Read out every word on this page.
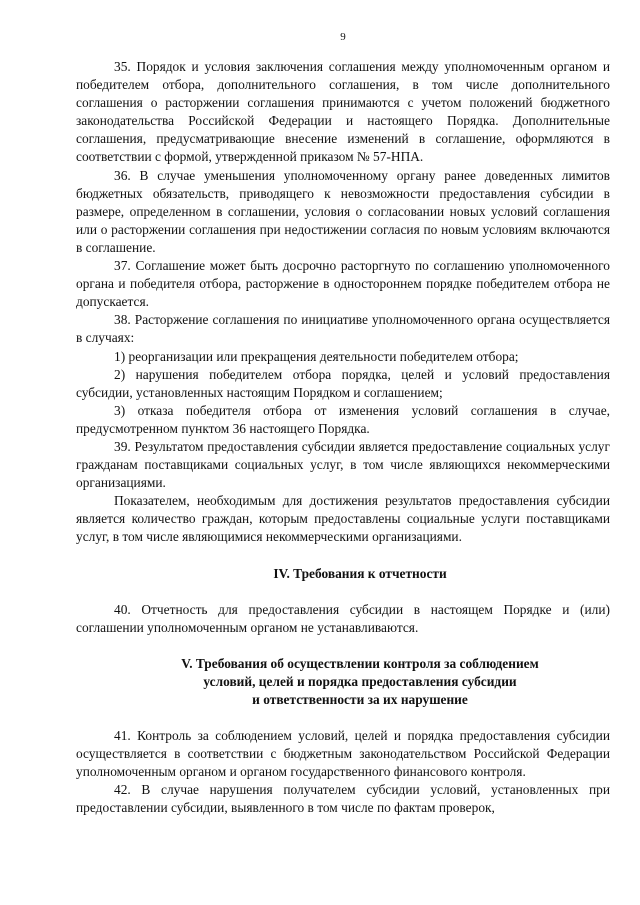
9

35. Порядок и условия заключения соглашения между уполномоченным органом и победителем отбора, дополнительного соглашения, в том числе дополнительного соглашения о расторжении соглашения принимаются с учетом положений бюджетного законодательства Российской Федерации и настоящего Порядка. Дополнительные соглашения, предусматривающие внесение изменений в соглашение, оформляются в соответствии с формой, утвержденной приказом № 57-НПА.

36. В случае уменьшения уполномоченному органу ранее доведенных лимитов бюджетных обязательств, приводящего к невозможности предоставления субсидии в размере, определенном в соглашении, условия о согласовании новых условий соглашения или о расторжении соглашения при недостижении согласия по новым условиям включаются в соглашение.

37. Соглашение может быть досрочно расторгнуто по соглашению уполномоченного органа и победителя отбора, расторжение в одностороннем порядке победителем отбора не допускается.

38. Расторжение соглашения по инициативе уполномоченного органа осуществляется в случаях:

1) реорганизации или прекращения деятельности победителем отбора;

2) нарушения победителем отбора порядка, целей и условий предоставления субсидии, установленных настоящим Порядком и соглашением;

3) отказа победителя отбора от изменения условий соглашения в случае, предусмотренном пунктом 36 настоящего Порядка.

39. Результатом предоставления субсидии является предоставление социальных услуг гражданам поставщиками социальных услуг, в том числе являющихся некоммерческими организациями.

Показателем, необходимым для достижения результатов предоставления субсидии является количество граждан, которым предоставлены социальные услуги поставщиками услуг, в том числе являющимися некоммерческими организациями.

IV. Требования к отчетности

40. Отчетность для предоставления субсидии в настоящем Порядке и (или) соглашении уполномоченным органом не устанавливаются.

V. Требования об осуществлении контроля за соблюдением
условий, целей и порядка предоставления субсидии
и ответственности за их нарушение

41. Контроль за соблюдением условий, целей и порядка предоставления субсидии осуществляется в соответствии с бюджетным законодательством Российской Федерации уполномоченным органом и органом государственного финансового контроля.

42. В случае нарушения получателем субсидии условий, установленных при предоставлении субсидии, выявленного в том числе по фактам проверок,
